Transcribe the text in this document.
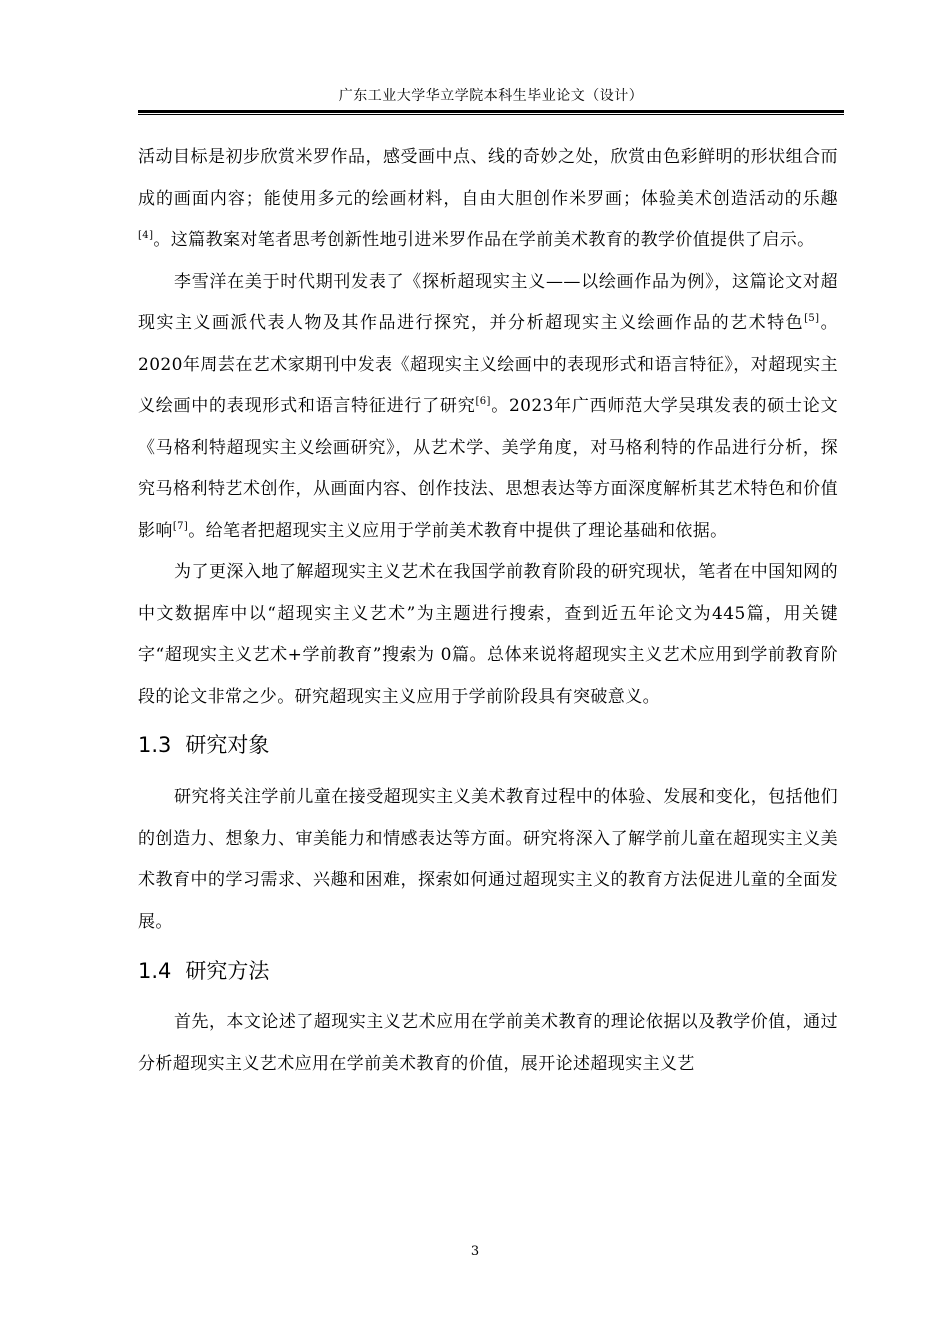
广东工业大学华立学院本科生毕业论文（设计）

活动目标是初步欣赏米罗作品，感受画中点、线的奇妙之处，欣赏由色彩鲜明的形状组合而成的画面内容；能使用多元的绘画材料，自由大胆创作米罗画；体验美术创造活动的乐趣[4]。这篇教案对笔者思考创新性地引进米罗作品在学前美术教育的教学价值提供了启示。

李雪洋在美于时代期刊发表了《探析超现实主义——以绘画作品为例》，这篇论文对超现实主义画派代表人物及其作品进行探究，并分析超现实主义绘画作品的艺术特色[5]。2020年周芸在艺术家期刊中发表《超现实主义绘画中的表现形式和语言特征》，对超现实主义绘画中的表现形式和语言特征进行了研究[6]。2023年广西师范大学吴琪发表的硕士论文《马格利特超现实主义绘画研究》，从艺术学、美学角度，对马格利特的作品进行分析，探究马格利特艺术创作，从画面内容、创作技法、思想表达等方面深度解析其艺术特色和价值影响[7]。给笔者把超现实主义应用于学前美术教育中提供了理论基础和依据。

为了更深入地了解超现实主义艺术在我国学前教育阶段的研究现状，笔者在中国知网的中文数据库中以“超现实主义艺术”为主题进行搜索，查到近五年论文为445篇，用关键字“超现实主义艺术+学前教育”搜索为 0篇。总体来说将超现实主义艺术应用到学前教育阶段的论文非常之少。研究超现实主义应用于学前阶段具有突破意义。

1.3 研究对象

研究将关注学前儿童在接受超现实主义美术教育过程中的体验、发展和变化，包括他们的创造力、想象力、审美能力和情感表达等方面。研究将深入了解学前儿童在超现实主义美术教育中的学习需求、兴趣和困难，探索如何通过超现实主义的教育方法促进儿童的全面发展。

1.4 研究方法

首先，本文论述了超现实主义艺术应用在学前美术教育的理论依据以及教学价值，通过分析超现实主义艺术应用在学前美术教育的价值，展开论述超现实主义艺

3
